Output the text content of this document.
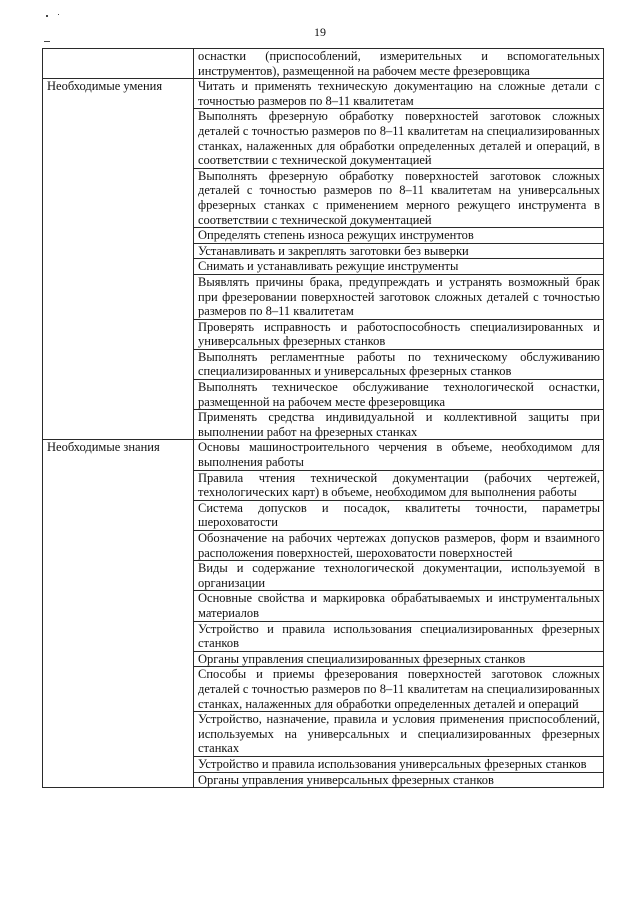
19
	оснастки (приспособлений, измерительных и вспомогательных инструментов), размещенной на рабочем месте фрезеровщика
Необходимые умения	Читать и применять техническую документацию на сложные детали с точностью размеров по 8–11 квалитетам
	Выполнять фрезерную обработку поверхностей заготовок сложных деталей с точностью размеров по 8–11 квалитетам на специализированных станках, налаженных для обработки определенных деталей и операций, в соответствии с технической документацией
	Выполнять фрезерную обработку поверхностей заготовок сложных деталей с точностью размеров по 8–11 квалитетам на универсальных фрезерных станках с применением мерного режущего инструмента в соответствии с технической документацией
	Определять степень износа режущих инструментов
	Устанавливать и закреплять заготовки без выверки
	Снимать и устанавливать режущие инструменты
	Выявлять причины брака, предупреждать и устранять возможный брак при фрезеровании поверхностей заготовок сложных деталей с точностью размеров по 8–11 квалитетам
	Проверять исправность и работоспособность специализированных и универсальных фрезерных станков
	Выполнять регламентные работы по техническому обслуживанию специализированных и универсальных фрезерных станков
	Выполнять техническое обслуживание технологической оснастки, размещенной на рабочем месте фрезеровщика
	Применять средства индивидуальной и коллективной защиты при выполнении работ на фрезерных станках
Необходимые знания	Основы машиностроительного черчения в объеме, необходимом для выполнения работы
	Правила чтения технической документации (рабочих чертежей, технологических карт) в объеме, необходимом для выполнения работы
	Система допусков и посадок, квалитеты точности, параметры шероховатости
	Обозначение на рабочих чертежах допусков размеров, форм и взаимного расположения поверхностей, шероховатости поверхностей
	Виды и содержание технологической документации, используемой в организации
	Основные свойства и маркировка обрабатываемых и инструментальных материалов
	Устройство и правила использования специализированных фрезерных станков
	Органы управления специализированных фрезерных станков
	Способы и приемы фрезерования поверхностей заготовок сложных деталей с точностью размеров по 8–11 квалитетам на специализированных станках, налаженных для обработки определенных деталей и операций
	Устройство, назначение, правила и условия применения приспособлений, используемых на универсальных и специализированных фрезерных станках
	Устройство и правила использования универсальных фрезерных станков
	Органы управления универсальных фрезерных станков
